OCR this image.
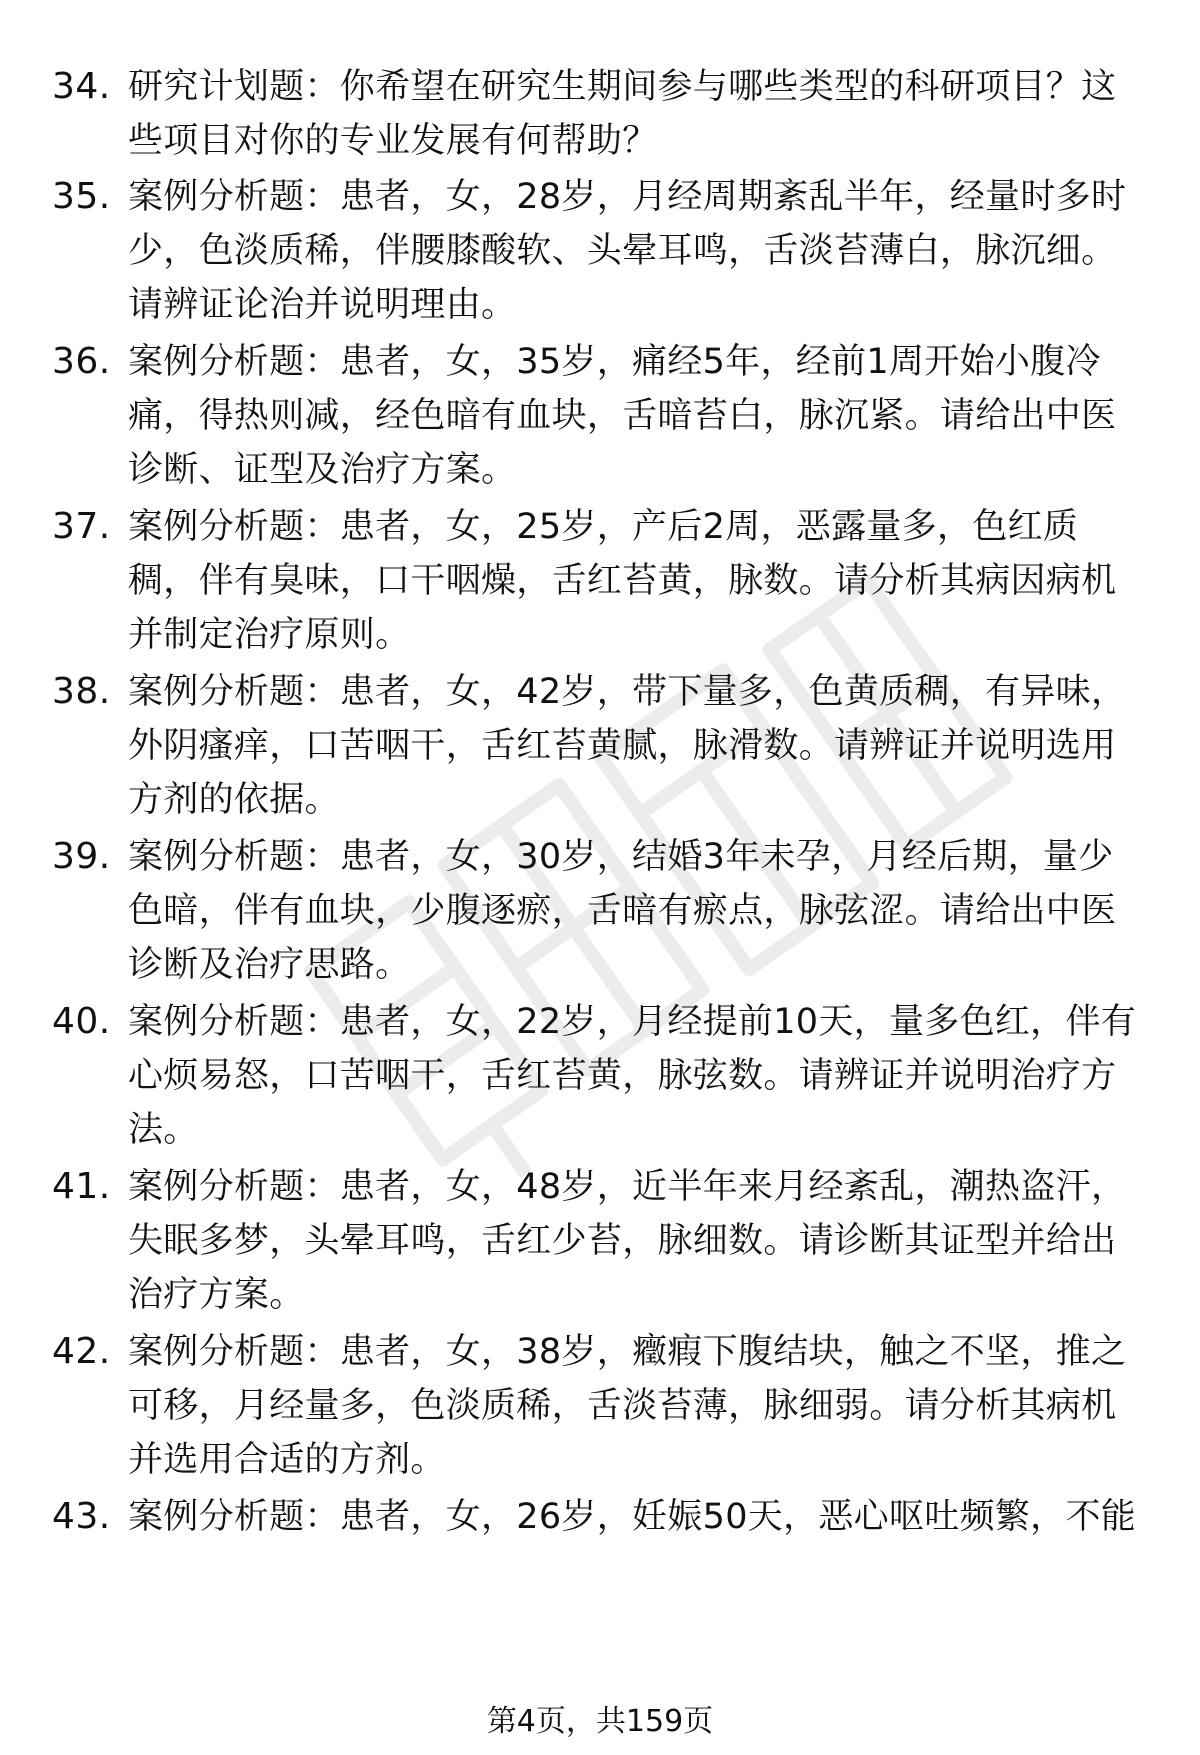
34. 研究计划题：你希望在研究生期间参与哪些类型的科研项目？这些项目对你的专业发展有何帮助？
35. 案例分析题：患者，女，28岁，月经周期紊乱半年，经量时多时少，色淡质稀，伴腰膝酸软、头晕耳鸣，舌淡苔薄白，脉沉细。请辨证论治并说明理由。
36. 案例分析题：患者，女，35岁，痛经5年，经前1周开始小腹冷痛，得热则减，经色暗有血块，舌暗苔白，脉沉紧。请给出中医诊断、证型及治疗方案。
37. 案例分析题：患者，女，25岁，产后2周，恶露量多，色红质稠，伴有臭味，口干咽燥，舌红苔黄，脉数。请分析其病因病机并制定治疗原则。
38. 案例分析题：患者，女，42岁，带下量多，色黄质稠，有异味，外阴瘙痒，口苦咽干，舌红苔黄腻，脉滑数。请辨证并说明选用方剂的依据。
39. 案例分析题：患者，女，30岁，结婚3年未孕，月经后期，量少色暗，伴有血块，少腹逐瘀，舌暗有瘀点，脉弦涩。请给出中医诊断及治疗思路。
40. 案例分析题：患者，女，22岁，月经提前10天，量多色红，伴有心烦易怒，口苦咽干，舌红苔黄，脉弦数。请辨证并说明治疗方法。
41. 案例分析题：患者，女，48岁，近半年来月经紊乱，潮热盗汗，失眠多梦，头晕耳鸣，舌红少苔，脉细数。请诊断其证型并给出治疗方案。
42. 案例分析题：患者，女，38岁，癥瘕下腹结块，触之不坚，推之可移，月经量多，色淡质稀，舌淡苔薄，脉细弱。请分析其病机并选用合适的方剂。
43. 案例分析题：患者，女，26岁，妊娠50天，恶心呕吐频繁，不能
第4页，共159页
